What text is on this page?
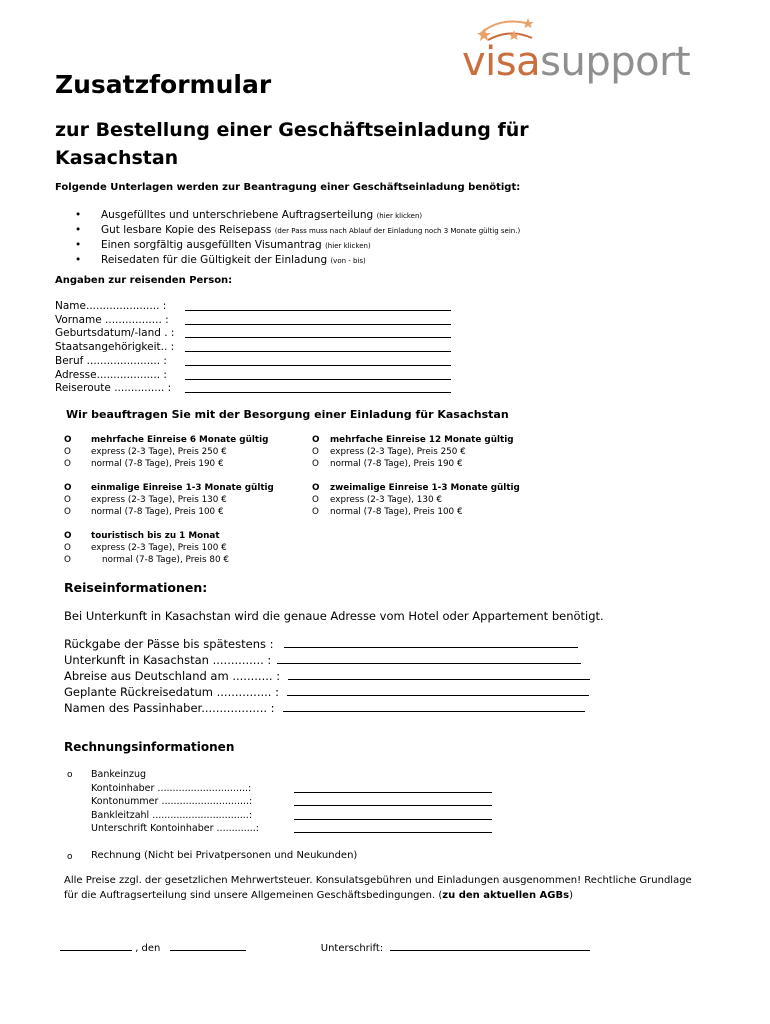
visasupport
Zusatzformular
zur Bestellung einer Geschäftseinladung für Kasachstan
Folgende Unterlagen werden zur Beantragung einer Geschäftseinladung benötigt:
•	Ausgefülltes und unterschriebene Auftragserteilung (hier klicken)
•	Gut lesbare Kopie des Reisepass (der Pass muss nach Ablauf der Einladung noch 3 Monate gültig sein.)
•	Einen sorgfältig ausgefüllten Visumantrag (hier klicken)
•	Reisedaten für die Gültigkeit der Einladung (von - bis)
Angaben zur reisenden Person:
Name...................... :
Vorname ................. :
Geburtsdatum/-land . :
Staatsangehörigkeit.. :
Beruf ...................... :
Adresse................... :
Reiseroute ............... :
Wir beauftragen Sie mit der Besorgung einer Einladung für Kasachstan
O	mehrfache Einreise 6 Monate gültig
O	express (2-3 Tage), Preis 250 €
O	normal (7-8 Tage), Preis 190 €
O	einmalige Einreise 1-3 Monate gültig
O	express (2-3 Tage), Preis 130 €
O	normal (7-8 Tage), Preis 100 €
O	touristisch bis zu 1 Monat
O	express (2-3 Tage), Preis 100 €
O	normal (7-8 Tage), Preis 80 €
O	mehrfache Einreise 12 Monate gültig
O	express (2-3 Tage), Preis 250 €
O	normal (7-8 Tage), Preis 190 €
O	zweimalige Einreise 1-3 Monate gültig
O	express (2-3 Tage), 130 €
O	normal (7-8 Tage), Preis 100 €
Reiseinformationen:
Bei Unterkunft in Kasachstan wird die genaue Adresse vom Hotel oder Appartement benötigt.
Rückgabe der Pässe bis spätestens :
Unterkunft in Kasachstan .............. :
Abreise aus Deutschland am ........... :
Geplante Rückreisedatum ............... :
Namen des Passinhaber.................. :
Rechnungsinformationen
o Bankeinzug
Kontoinhaber ..............................:
Kontonummer .............................:
Bankleitzahl ................................:
Unterschrift Kontoinhaber .............:
o Rechnung (Nicht bei Privatpersonen und Neukunden)
Alle Preise zzgl. der gesetzlichen Mehrwertsteuer. Konsulatsgebühren und Einladungen ausgenommen! Rechtliche Grundlage für die Auftragserteilung sind unsere Allgemeinen Geschäftsbedingungen. (zu den aktuellen AGBs)
, den	Unterschrift:
